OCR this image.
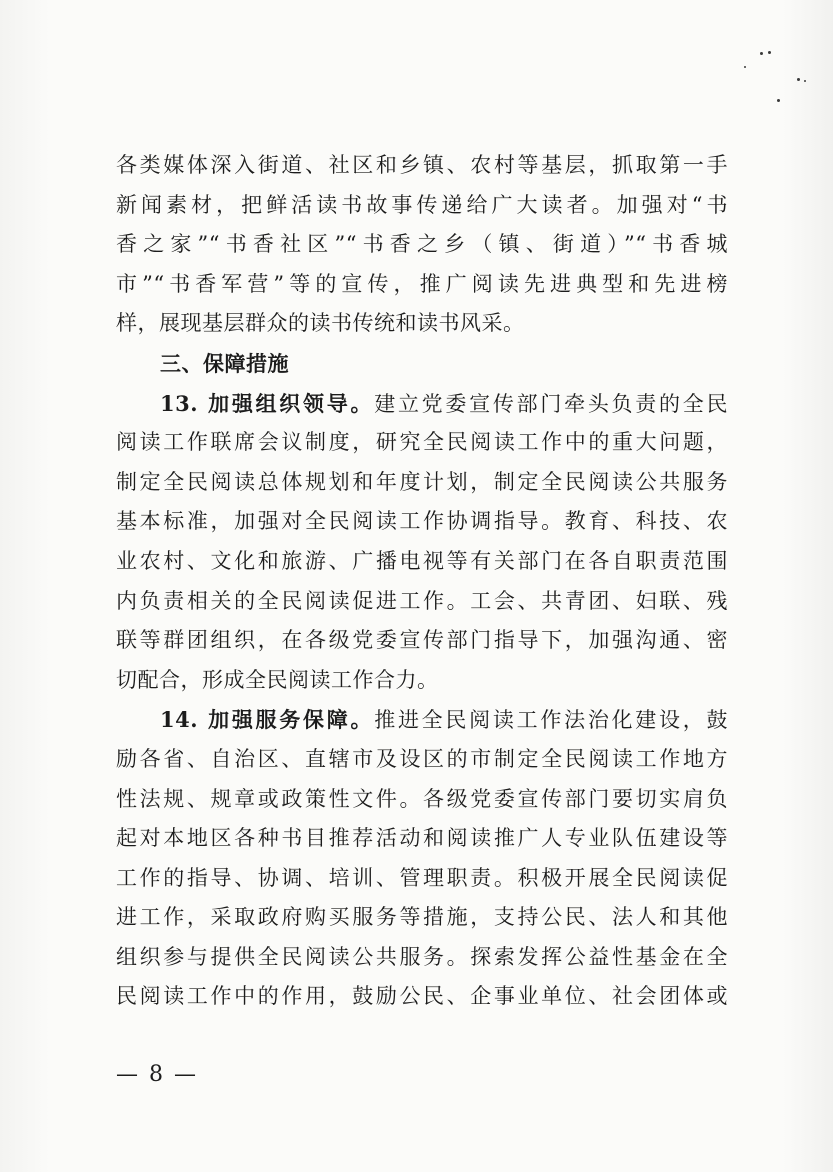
各类媒体深入街道、社区和乡镇、农村等基层，抓取第一手
新闻素材，把鲜活读书故事传递给广大读者。加强对“书
香之家”“书香社区”“书香之乡（镇、街道）”“书香城
市”“书香军营”等的宣传，推广阅读先进典型和先进榜
样，展现基层群众的读书传统和读书风采。
三、保障措施
13. 加强组织领导。建立党委宣传部门牵头负责的全民
阅读工作联席会议制度，研究全民阅读工作中的重大问题，
制定全民阅读总体规划和年度计划，制定全民阅读公共服务
基本标准，加强对全民阅读工作协调指导。教育、科技、农
业农村、文化和旅游、广播电视等有关部门在各自职责范围
内负责相关的全民阅读促进工作。工会、共青团、妇联、残
联等群团组织，在各级党委宣传部门指导下，加强沟通、密
切配合，形成全民阅读工作合力。
14. 加强服务保障。推进全民阅读工作法治化建设，鼓
励各省、自治区、直辖市及设区的市制定全民阅读工作地方
性法规、规章或政策性文件。各级党委宣传部门要切实肩负
起对本地区各种书目推荐活动和阅读推广人专业队伍建设等
工作的指导、协调、培训、管理职责。积极开展全民阅读促
进工作，采取政府购买服务等措施，支持公民、法人和其他
组织参与提供全民阅读公共服务。探索发挥公益性基金在全
民阅读工作中的作用，鼓励公民、企事业单位、社会团体或
— 8 —
